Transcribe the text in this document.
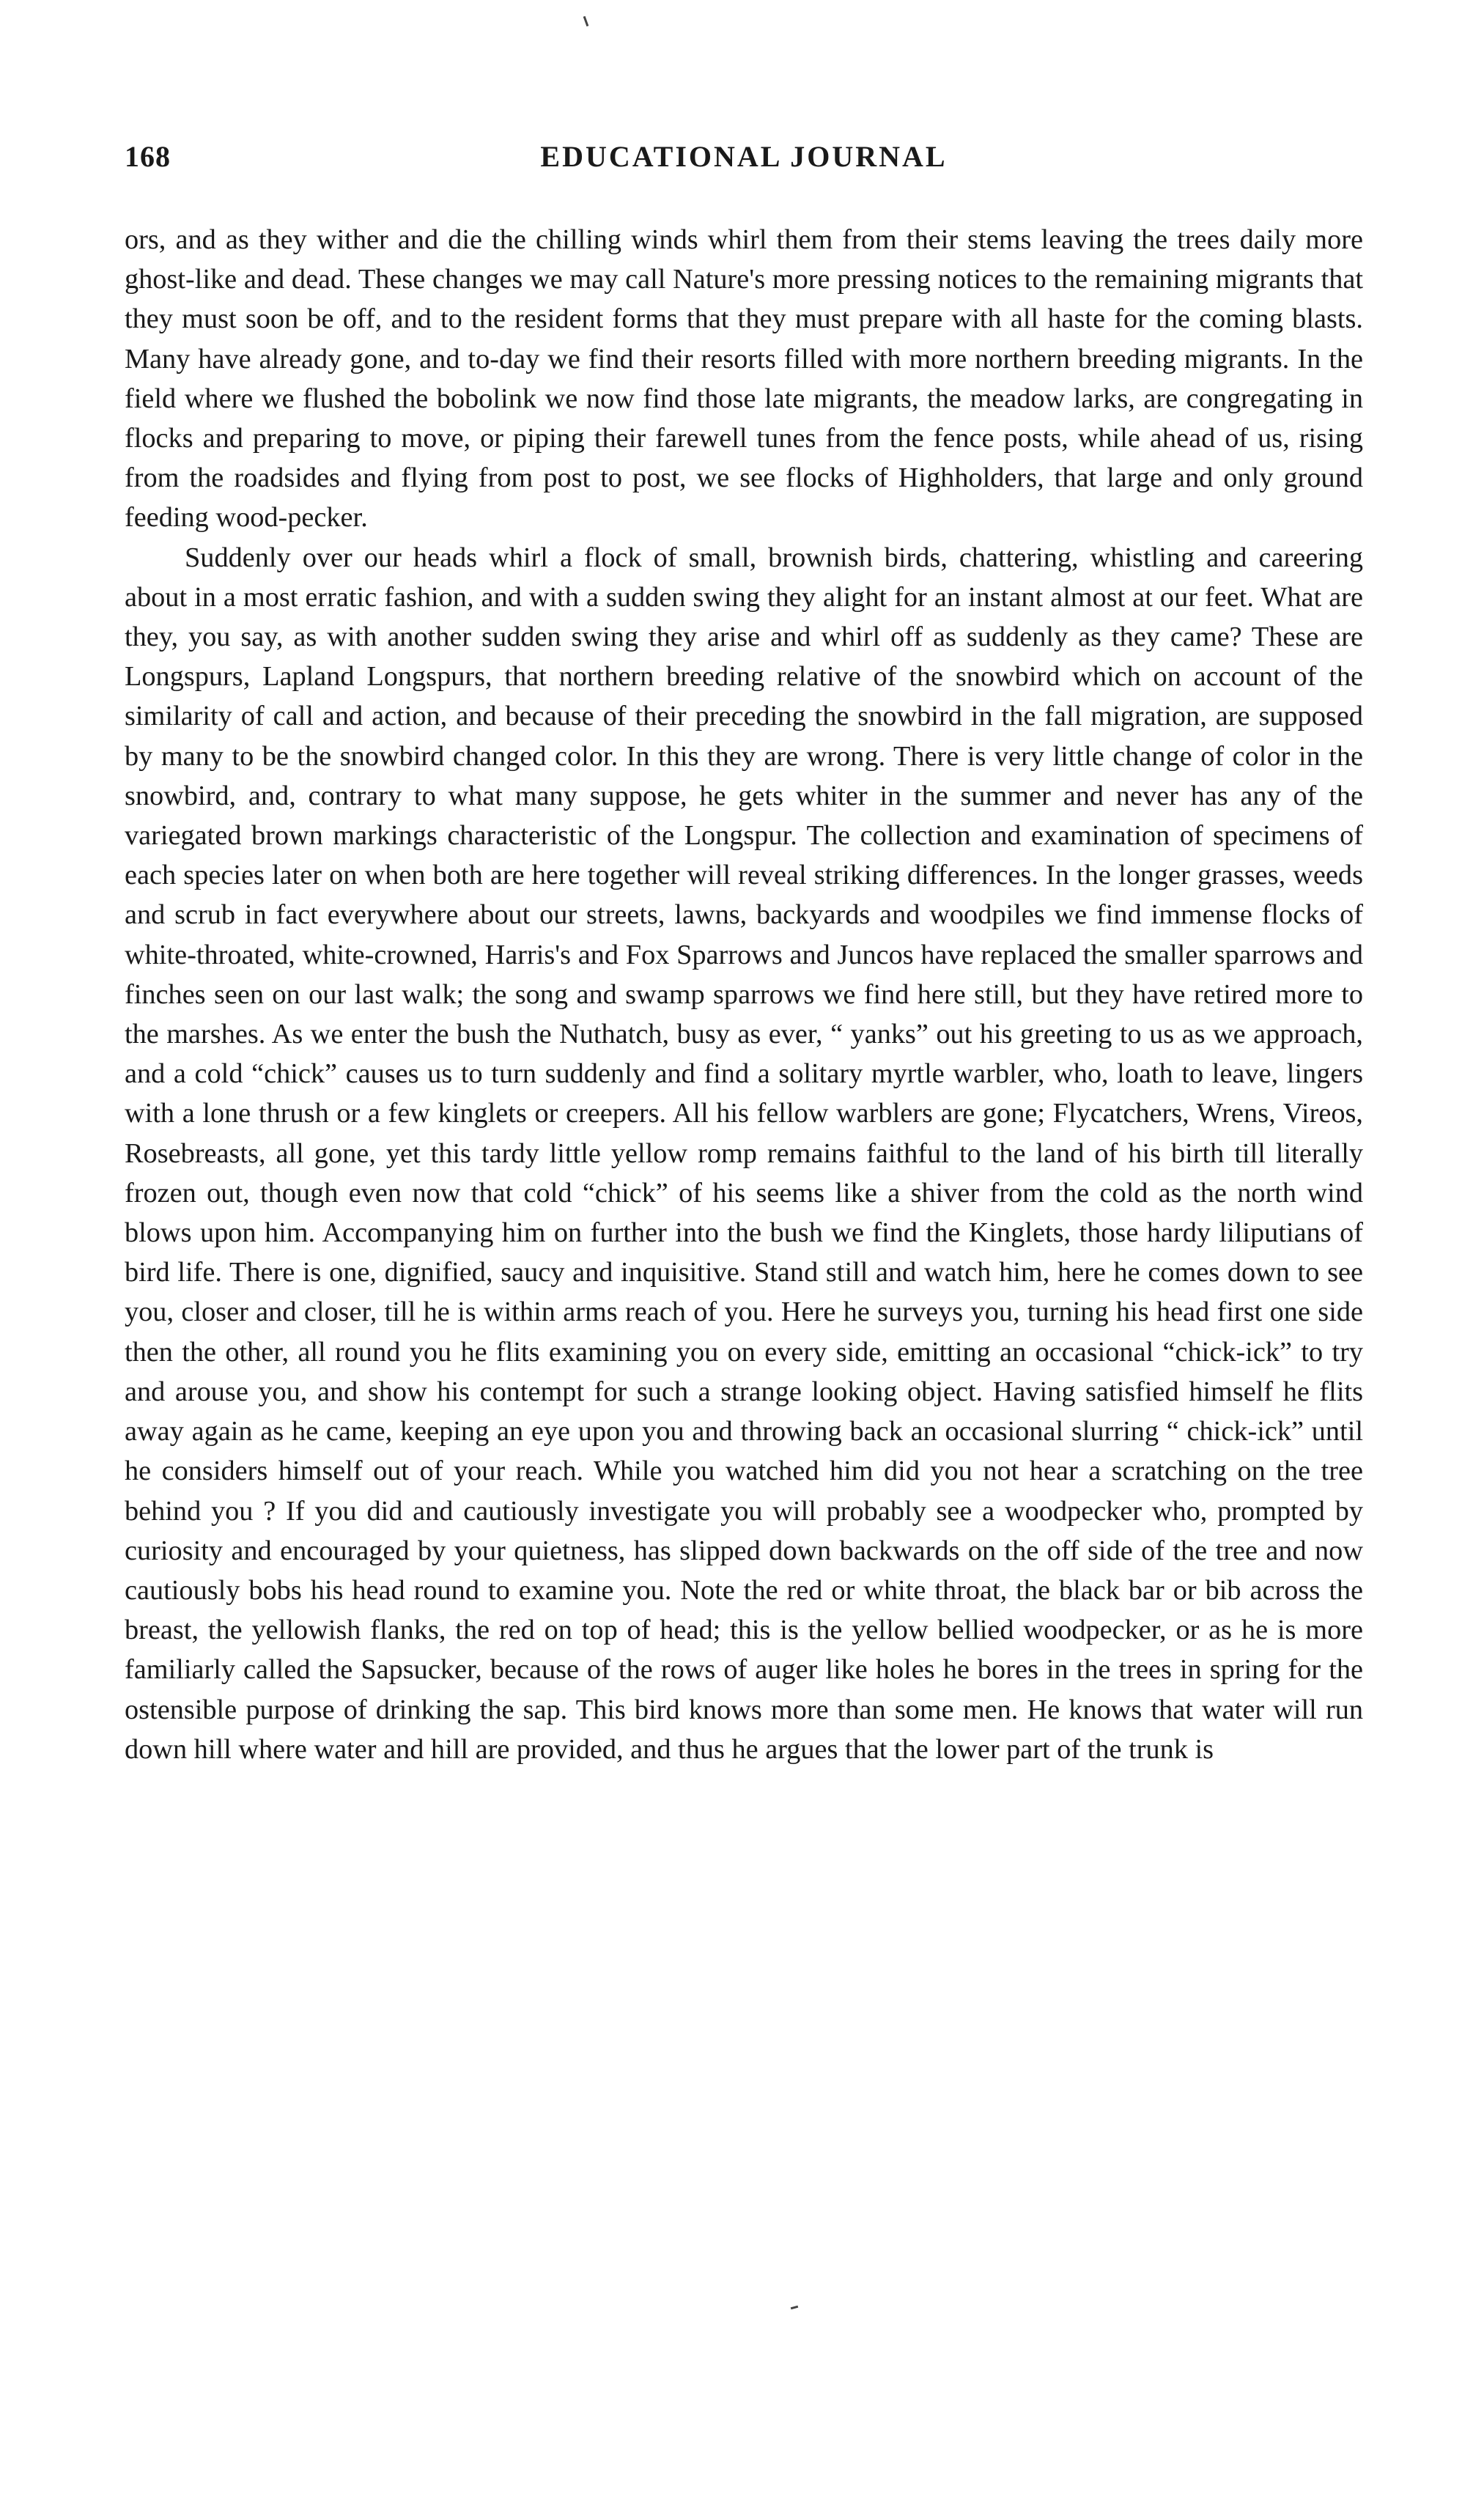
168	EDUCATIONAL JOURNAL

ors, and as they wither and die the chilling winds whirl them from their stems leaving the trees daily more ghost-like and dead. These changes we may call Nature's more pressing notices to the remaining migrants that they must soon be off, and to the resident forms that they must prepare with all haste for the coming blasts. Many have already gone, and to-day we find their resorts filled with more northern breeding migrants. In the field where we flushed the bobolink we now find those late migrants, the meadow larks, are congregating in flocks and preparing to move, or piping their farewell tunes from the fence posts, while ahead of us, rising from the roadsides and flying from post to post, we see flocks of Highholders, that large and only ground feeding wood-pecker.

Suddenly over our heads whirl a flock of small, brownish birds, chattering, whistling and careering about in a most erratic fashion, and with a sudden swing they alight for an instant almost at our feet. What are they, you say, as with another sudden swing they arise and whirl off as suddenly as they came? These are Longspurs, Lapland Longspurs, that northern breeding relative of the snowbird which on account of the similarity of call and action, and because of their preceding the snowbird in the fall migration, are supposed by many to be the snowbird changed color. In this they are wrong. There is very little change of color in the snowbird, and, contrary to what many suppose, he gets whiter in the summer and never has any of the variegated brown markings characteristic of the Longspur. The collection and examination of specimens of each species later on when both are here together will reveal striking differences. In the longer grasses, weeds and scrub in fact everywhere about our streets, lawns, backyards and woodpiles we find immense flocks of white-throated, white-crowned, Harris's and Fox Sparrows and Juncos have replaced the smaller sparrows and finches seen on our last walk; the song and swamp sparrows we find here still, but they have retired more to the marshes. As we enter the bush the Nuthatch, busy as ever, “ yanks” out his greeting to us as we approach, and a cold “chick” causes us to turn suddenly and find a solitary myrtle warbler, who, loath to leave, lingers with a lone thrush or a few kinglets or creepers. All his fellow warblers are gone; Flycatchers, Wrens, Vireos, Rosebreasts, all gone, yet this tardy little yellow romp remains faithful to the land of his birth till literally frozen out, though even now that cold “chick” of his seems like a shiver from the cold as the north wind blows upon him. Accompanying him on further into the bush we find the Kinglets, those hardy liliputians of bird life. There is one, dignified, saucy and inquisitive. Stand still and watch him, here he comes down to see you, closer and closer, till he is within arms reach of you. Here he surveys you, turning his head first one side then the other, all round you he flits examining you on every side, emitting an occasional “chick-ick” to try and arouse you, and show his contempt for such a strange looking object. Having satisfied himself he flits away again as he came, keeping an eye upon you and throwing back an occasional slurring “ chick-ick” until he considers himself out of your reach. While you watched him did you not hear a scratching on the tree behind you ? If you did and cautiously investigate you will probably see a woodpecker who, prompted by curiosity and encouraged by your quietness, has slipped down backwards on the off side of the tree and now cautiously bobs his head round to examine you. Note the red or white throat, the black bar or bib across the breast, the yellowish flanks, the red on top of head; this is the yellow bellied woodpecker, or as he is more familiarly called the Sapsucker, because of the rows of auger like holes he bores in the trees in spring for the ostensible purpose of drinking the sap. This bird knows more than some men. He knows that water will run down hill where water and hill are provided, and thus he argues that the lower part of the trunk is
